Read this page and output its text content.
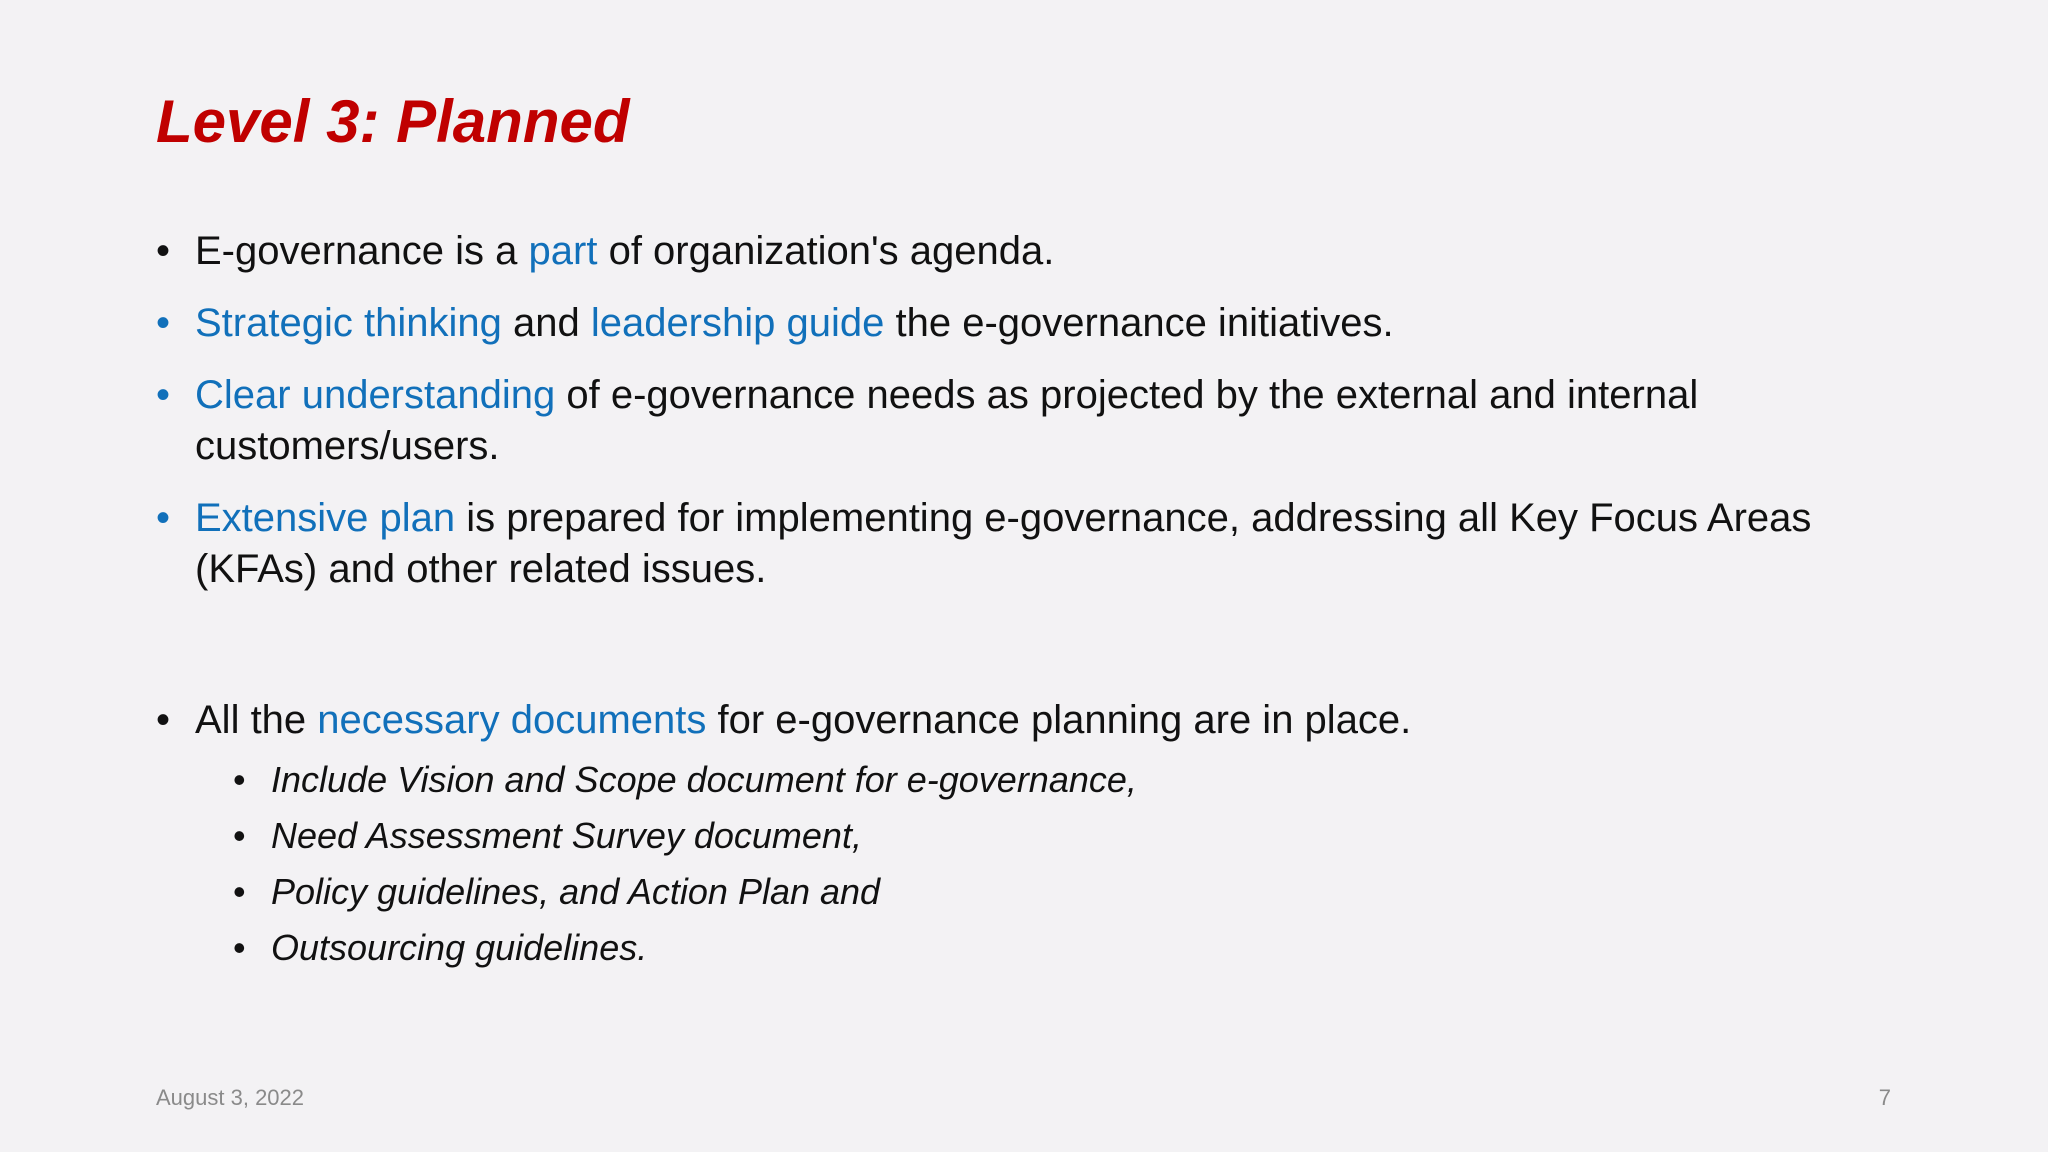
Level 3: Planned
• E-governance is a part of organization's agenda.
• Strategic thinking and leadership guide the e-governance initiatives.
• Clear understanding of e-governance needs as projected by the external and internal customers/users.
• Extensive plan is prepared for implementing e-governance, addressing all Key Focus Areas (KFAs) and other related issues.
• All the necessary documents for e-governance planning are in place.
• Include Vision and Scope document for e-governance,
• Need Assessment Survey document,
• Policy guidelines, and Action Plan and
• Outsourcing guidelines.
August 3, 2022	7
